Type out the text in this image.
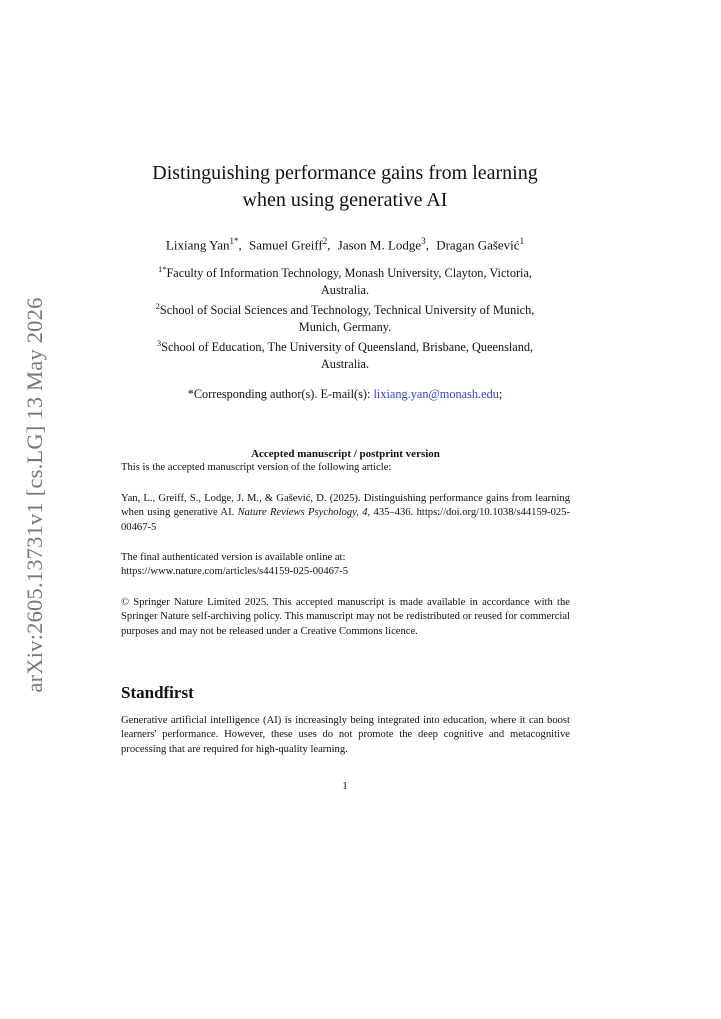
arXiv:2605.13731v1 [cs.LG] 13 May 2026
Distinguishing performance gains from learning
when using generative AI
Lixiang Yan$^{1*}$, Samuel Greiff$^2$, Jason M. Lodge$^3$, Dragan Gašević$^1$

$^{1*}$Faculty of Information Technology, Monash University, Clayton, Victoria, Australia.

$^2$School of Social Sciences and Technology, Technical University of Munich, Munich, Germany.

$^3$School of Education, The University of Queensland, Brisbane, Queensland, Australia.

*Corresponding author(s). E-mail(s): lixiang.yan@monash.edu;

Accepted manuscript / postprint version

This is the accepted manuscript version of the following article:

Yan, L., Greiff, S., Lodge, J. M., & Gašević, D. (2025). Distinguishing performance gains from learning when using generative AI. Nature Reviews Psychology, 4, 435–436. https://doi.org/10.1038/s44159-025-00467-5

The final authenticated version is available online at:

https://www.nature.com/articles/s44159-025-00467-5

© Springer Nature Limited 2025. This accepted manuscript is made available in accordance with the Springer Nature self-archiving policy. This manuscript may not be redistributed or reused for commercial purposes and may not be released under a Creative Commons licence.

Standfirst

Generative artificial intelligence (AI) is increasingly being integrated into education, where it can boost learners' performance. However, these uses do not promote the deep cognitive and metacognitive processing that are required for high-quality learning.

1
